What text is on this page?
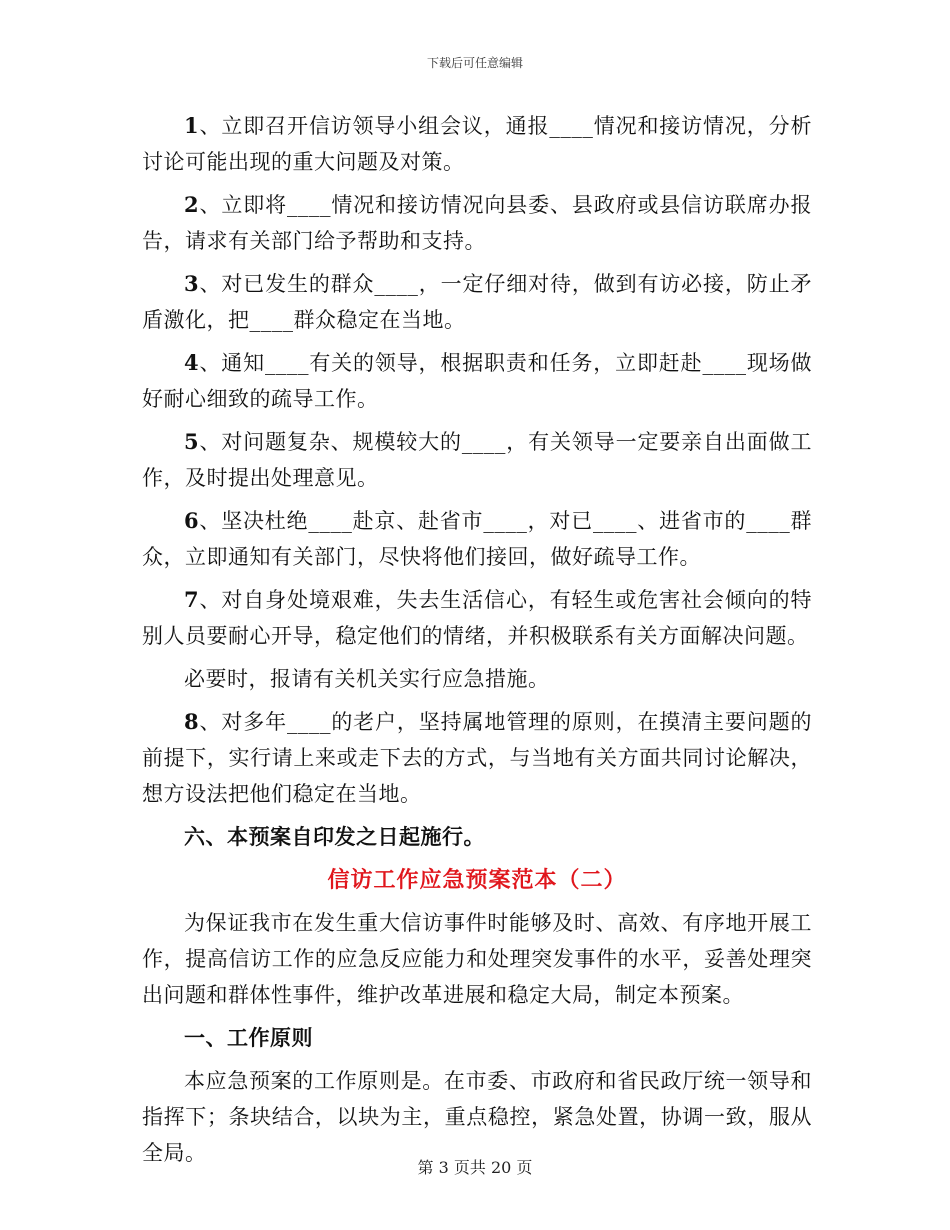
下载后可任意编辑

1、立即召开信访领导小组会议，通报____情况和接访情况，分析讨论可能出现的重大问题及对策。

2、立即将____情况和接访情况向县委、县政府或县信访联席办报告，请求有关部门给予帮助和支持。

3、对已发生的群众____，一定仔细对待，做到有访必接，防止矛盾激化，把____群众稳定在当地。

4、通知____有关的领导，根据职责和任务，立即赶赴____现场做好耐心细致的疏导工作。

5、对问题复杂、规模较大的____，有关领导一定要亲自出面做工作，及时提出处理意见。

6、坚决杜绝____赴京、赴省市____，对已____、进省市的____群众，立即通知有关部门，尽快将他们接回，做好疏导工作。

7、对自身处境艰难，失去生活信心，有轻生或危害社会倾向的特别人员要耐心开导，稳定他们的情绪，并积极联系有关方面解决问题。

必要时，报请有关机关实行应急措施。

8、对多年____的老户，坚持属地管理的原则，在摸清主要问题的前提下，实行请上来或走下去的方式，与当地有关方面共同讨论解决，想方设法把他们稳定在当地。

六、本预案自印发之日起施行。

信访工作应急预案范本（二）

为保证我市在发生重大信访事件时能够及时、高效、有序地开展工作，提高信访工作的应急反应能力和处理突发事件的水平，妥善处理突出问题和群体性事件，维护改革进展和稳定大局，制定本预案。

一、工作原则

本应急预案的工作原则是。在市委、市政府和省民政厅统一领导和指挥下；条块结合，以块为主，重点稳控，紧急处置，协调一致，服从全局。

第 3 页共 20 页
